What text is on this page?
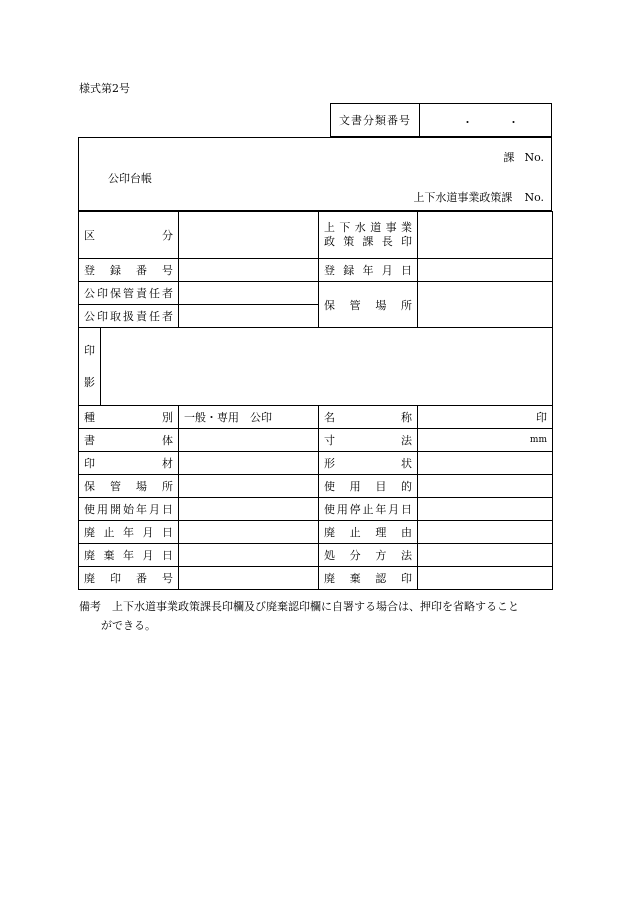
様式第2号
文書分類番号	・	・
課 No.
公印台帳
上下水道事業政策課 No.
区　　分		上下水道事業
政策課長印	

登録番号		登録年月日	
公印保管責任者		保管場所	
公印取扱責任者			

印
影			

種　　別	一般・専用　公印	名　　称	印
書　　体		寸　　法	mm
印　　材		形　　状	
保管場所		使用目的	
使用開始年月日		使用停止年月日	
廃止年月日		廃止理由	
廃棄年月日		処分方法	
廃印番号		廃棄認印	
備考　上下水道事業政策課長印欄及び廃棄認印欄に自署する場合は、押印を省略すること
ができる。
